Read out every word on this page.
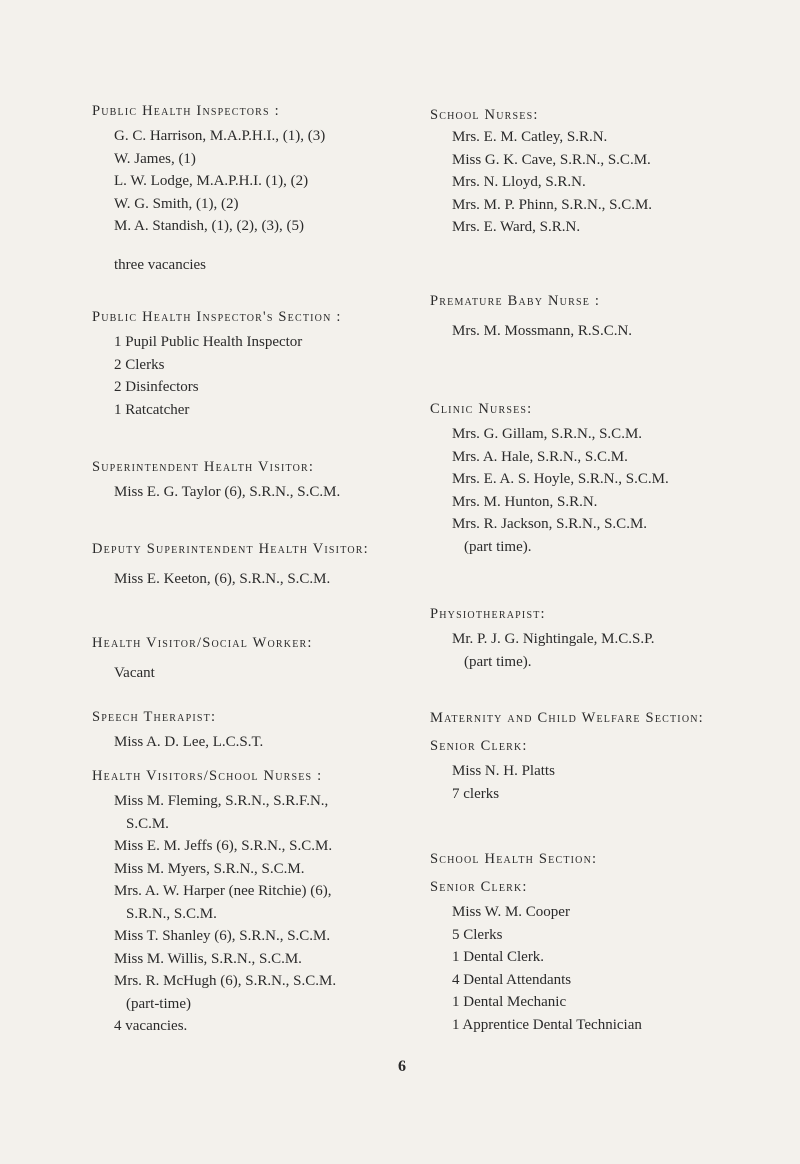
Public Health Inspectors :
G. C. Harrison, M.A.P.H.I., (1), (3)
W. James, (1)
L. W. Lodge, M.A.P.H.I. (1), (2)
W. G. Smith, (1), (2)
M. A. Standish, (1), (2), (3), (5)
three vacancies
Public Health Inspector's Section :
1 Pupil Public Health Inspector
2 Clerks
2 Disinfectors
1 Ratcatcher
Superintendent Health Visitor:
Miss E. G. Taylor (6), S.R.N., S.C.M.
Deputy Superintendent Health Visitor:
Miss E. Keeton, (6), S.R.N., S.C.M.
Health Visitor/Social Worker:
Vacant
Speech Therapist:
Miss A. D. Lee, L.C.S.T.
Health Visitors/School Nurses :
Miss M. Fleming, S.R.N., S.R.F.N.,
S.C.M.
Miss E. M. Jeffs (6), S.R.N., S.C.M.
Miss M. Myers, S.R.N., S.C.M.
Mrs. A. W. Harper (nee Ritchie) (6),
S.R.N., S.C.M.
Miss T. Shanley (6), S.R.N., S.C.M.
Miss M. Willis, S.R.N., S.C.M.
Mrs. R. McHugh (6), S.R.N., S.C.M.
(part-time)
4 vacancies.
School Nurses:
Mrs. E. M. Catley, S.R.N.
Miss G. K. Cave, S.R.N., S.C.M.
Mrs. N. Lloyd, S.R.N.
Mrs. M. P. Phinn, S.R.N., S.C.M.
Mrs. E. Ward, S.R.N.
Premature Baby Nurse :
Mrs. M. Mossmann, R.S.C.N.
Clinic Nurses:
Mrs. G. Gillam, S.R.N., S.C.M.
Mrs. A. Hale, S.R.N., S.C.M.
Mrs. E. A. S. Hoyle, S.R.N., S.C.M.
Mrs. M. Hunton, S.R.N.
Mrs. R. Jackson, S.R.N., S.C.M.
(part time).
Physiotherapist:
Mr. P. J. G. Nightingale, M.C.S.P.
(part time).
Maternity and Child Welfare Section:
Senior Clerk:
Miss N. H. Platts
7 clerks
School Health Section:
Senior Clerk:
Miss W. M. Cooper
5 Clerks
1 Dental Clerk.
4 Dental Attendants
1 Dental Mechanic
1 Apprentice Dental Technician
6
